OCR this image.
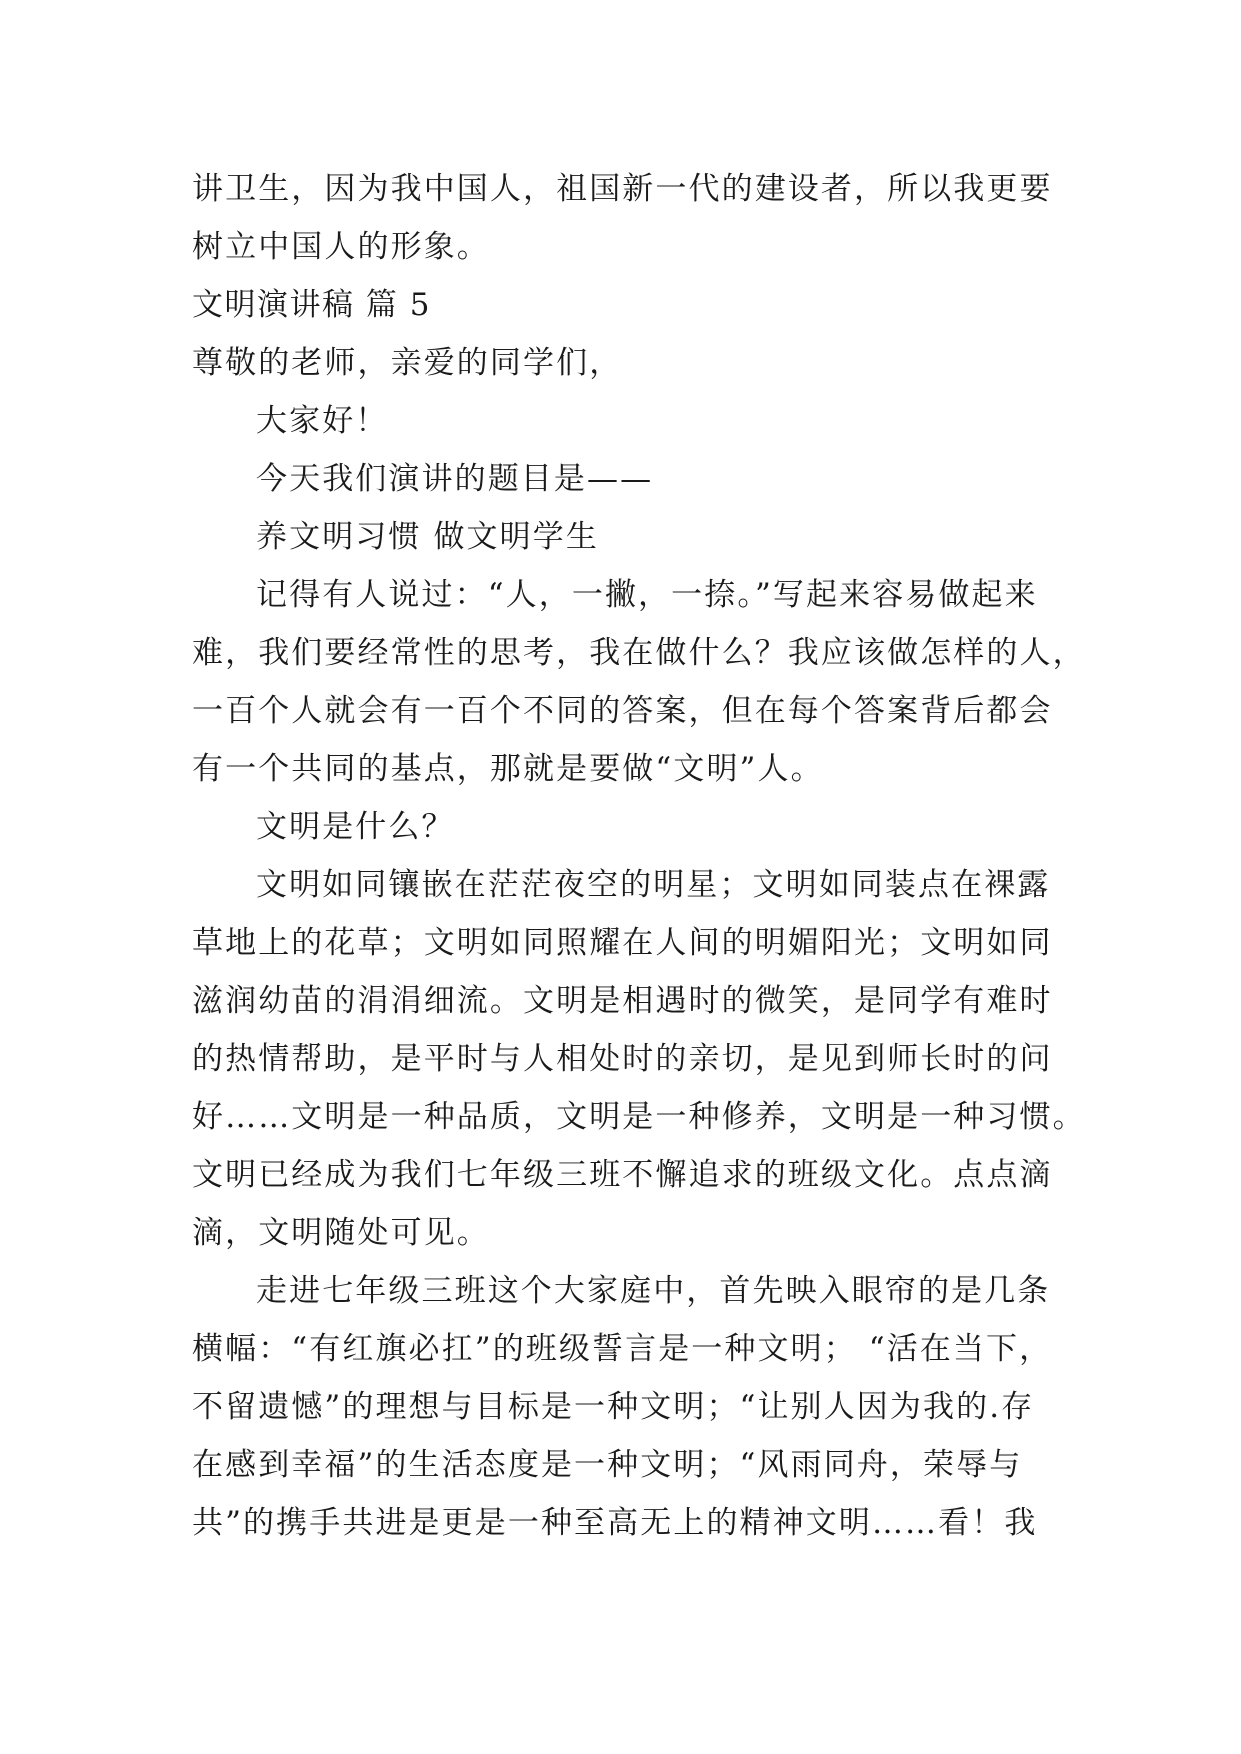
讲卫生，因为我中国人，祖国新一代的建设者，所以我更要
树立中国人的形象。
文明演讲稿 篇 5
尊敬的老师，亲爱的同学们，
大家好！
今天我们演讲的题目是——
养文明习惯 做文明学生
记得有人说过：“人，一撇，一捺。”写起来容易做起来
难，我们要经常性的思考，我在做什么？我应该做怎样的人，
一百个人就会有一百个不同的答案，但在每个答案背后都会
有一个共同的基点，那就是要做“文明”人。
文明是什么？
文明如同镶嵌在茫茫夜空的明星；文明如同装点在裸露
草地上的花草；文明如同照耀在人间的明媚阳光；文明如同
滋润幼苗的涓涓细流。文明是相遇时的微笑，是同学有难时
的热情帮助，是平时与人相处时的亲切，是见到师长时的问
好……文明是一种品质，文明是一种修养，文明是一种习惯。
文明已经成为我们七年级三班不懈追求的班级文化。点点滴
滴，文明随处可见。
走进七年级三班这个大家庭中，首先映入眼帘的是几条
横幅：“有红旗必扛”的班级誓言是一种文明； “活在当下，
不留遗憾”的理想与目标是一种文明；“让别人因为我的.存
在感到幸福”的生活态度是一种文明；“风雨同舟，荣辱与
共”的携手共进是更是一种至高无上的精神文明……看！我
